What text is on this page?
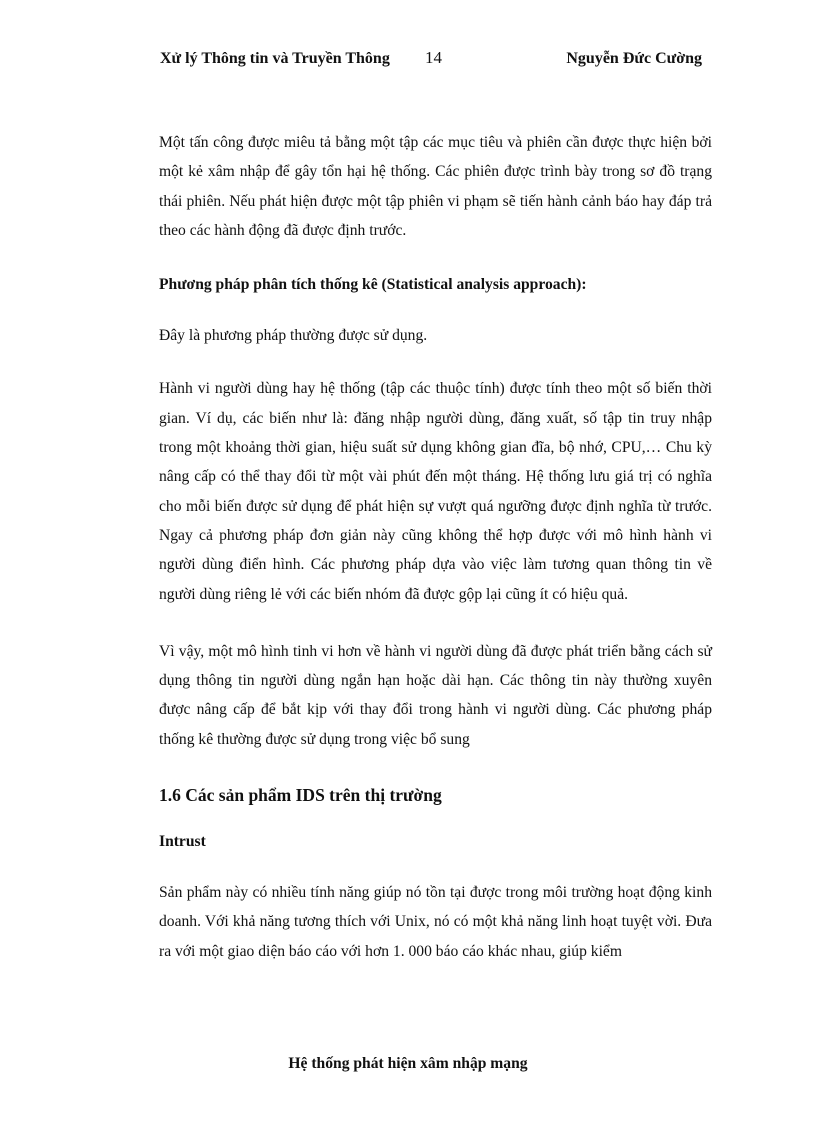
Xử lý Thông tin và Truyền Thông 14	Nguyễn Đức Cường

Một tấn công được miêu tả bằng một tập các mục tiêu và phiên cần được thực hiện bởi một kẻ xâm nhập để gây tổn hại hệ thống. Các phiên được trình bày trong sơ đồ trạng thái phiên. Nếu phát hiện được một tập phiên vi phạm sẽ tiến hành cảnh báo hay đáp trả theo các hành động đã được định trước.

Phương pháp phân tích thống kê (Statistical analysis approach):

Đây là phương pháp thường được sử dụng.

Hành vi người dùng hay hệ thống (tập các thuộc tính) được tính theo một số biến thời gian. Ví dụ, các biến như là: đăng nhập người dùng, đăng xuất, số tập tin truy nhập trong một khoảng thời gian, hiệu suất sử dụng không gian đĩa, bộ nhớ, CPU,… Chu kỳ nâng cấp có thể thay đổi từ một vài phút đến một tháng. Hệ thống lưu giá trị có nghĩa cho mỗi biến được sử dụng để phát hiện sự vượt quá ngưỡng được định nghĩa từ trước. Ngay cả phương pháp đơn giản này cũng không thể hợp được với mô hình hành vi người dùng điển hình. Các phương pháp dựa vào việc làm tương quan thông tin về người dùng riêng lẻ với các biến nhóm đã được gộp lại cũng ít có hiệu quả.

Vì vậy, một mô hình tinh vi hơn về hành vi người dùng đã được phát triển bằng cách sử dụng thông tin người dùng ngắn hạn hoặc dài hạn. Các thông tin này thường xuyên được nâng cấp để bắt kịp với thay đổi trong hành vi người dùng. Các phương pháp thống kê thường được sử dụng trong việc bổ sung

1.6 Các sản phẩm IDS trên thị trường
Intrust

Sản phẩm này có nhiều tính năng giúp nó tồn tại được trong môi trường hoạt động kinh doanh. Với khả năng tương thích với Unix, nó có một khả năng linh hoạt tuyệt vời. Đưa ra với một giao diện báo cáo với hơn 1. 000 báo cáo khác nhau, giúp kiểm

Hệ thống phát hiện xâm nhập mạng
